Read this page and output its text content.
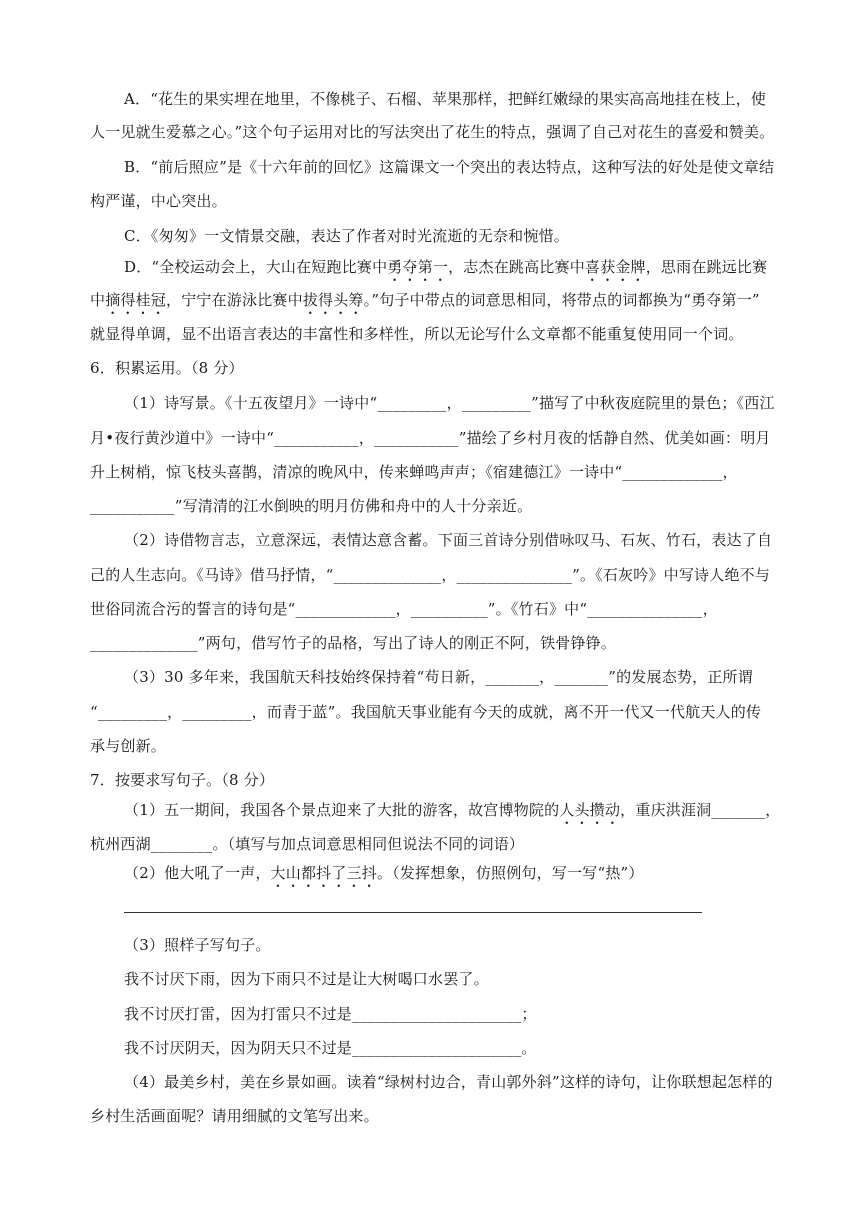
A．“花生的果实埋在地里，不像桃子、石榴、苹果那样，把鲜红嫩绿的果实高高地挂在枝上，使
人一见就生爱慕之心。”这个句子运用对比的写法突出了花生的特点，强调了自己对花生的喜爱和赞美。
B．“前后照应”是《十六年前的回忆》这篇课文一个突出的表达特点，这种写法的好处是使文章结
构严谨，中心突出。
C．《匆匆》一文情景交融，表达了作者对时光流逝的无奈和惋惜。
D．“全校运动会上，大山在短跑比赛中勇夺第一，志杰在跳高比赛中喜获金牌，思雨在跳远比赛
中摘得桂冠，宁宁在游泳比赛中拔得头筹。”句子中带点的词意思相同，将带点的词都换为“勇夺第一”
就显得单调，显不出语言表达的丰富性和多样性，所以无论写什么文章都不能重复使用同一个词。
6．积累运用。（8 分）
（1）诗写景。《十五夜望月》一诗中“_________，_________”描写了中秋夜庭院里的景色；《西江
月•夜行黄沙道中》一诗中“___________，___________”描绘了乡村月夜的恬静自然、优美如画：明月
升上树梢，惊飞枝头喜鹊，清凉的晚风中，传来蝉鸣声声；《宿建德江》一诗中“_____________，
___________”写清清的江水倒映的明月仿佛和舟中的人十分亲近。
（2）诗借物言志，立意深远，表情达意含蓄。下面三首诗分别借咏叹马、石灰、竹石，表达了自
己的人生志向。《马诗》借马抒情，“______________，_______________”。《石灰吟》中写诗人绝不与
世俗同流合污的誓言的诗句是“_____________，__________”。《竹石》中“_______________，
______________”两句，借写竹子的品格，写出了诗人的刚正不阿，铁骨铮铮。
（3）30 多年来，我国航天科技始终保持着“苟日新，_______，_______”的发展态势，正所谓
“_________，_________，而青于蓝”。我国航天事业能有今天的成就，离不开一代又一代航天人的传
承与创新。
7．按要求写句子。（8 分）
（1）五一期间，我国各个景点迎来了大批的游客，故宫博物院的人头攒动，重庆洪涯洞_______，
杭州西湖________。（填写与加点词意思相同但说法不同的词语）
（2）他大吼了一声，大山都抖了三抖。（发挥想象，仿照例句，写一写“热”）
（3）照样子写句子。
我不讨厌下雨，因为下雨只不过是让大树喝口水罢了。
我不讨厌打雷，因为打雷只不过是______________________；
我不讨厌阴天，因为阴天只不过是______________________。
（4）最美乡村，美在乡景如画。读着“绿树村边合，青山郭外斜”这样的诗句，让你联想起怎样的
乡村生活画面呢？请用细腻的文笔写出来。
